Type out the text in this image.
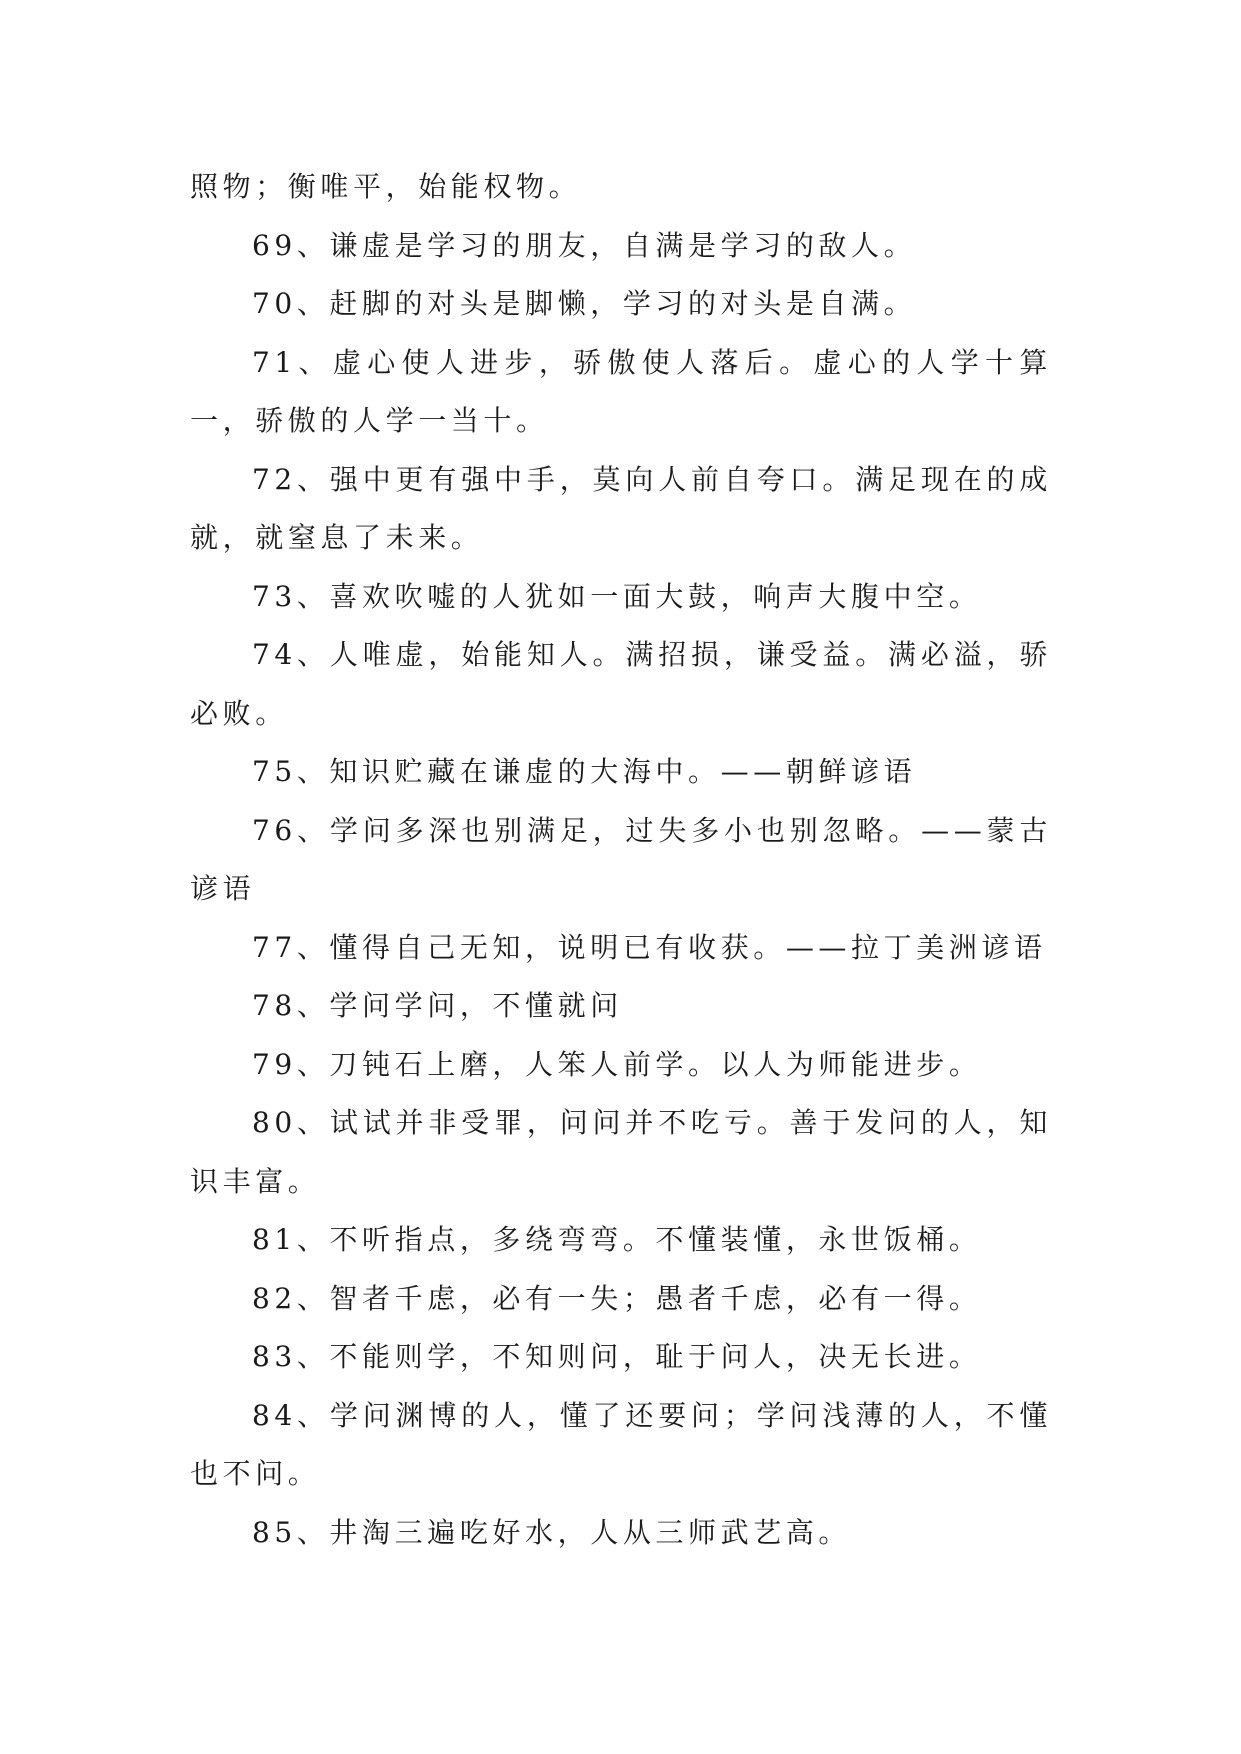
照物；衡唯平，始能权物。

69、谦虚是学习的朋友，自满是学习的敌人。

70、赶脚的对头是脚懒，学习的对头是自满。

71、虚心使人进步，骄傲使人落后。虚心的人学十算一，骄傲的人学一当十。

72、强中更有强中手，莫向人前自夸口。满足现在的成就，就窒息了未来。

73、喜欢吹嘘的人犹如一面大鼓，响声大腹中空。

74、人唯虚，始能知人。满招损，谦受益。满必溢，骄必败。

75、知识贮藏在谦虚的大海中。——朝鲜谚语

76、学问多深也别满足，过失多小也别忽略。——蒙古谚语

77、懂得自己无知，说明已有收获。——拉丁美洲谚语

78、学问学问，不懂就问

79、刀钝石上磨，人笨人前学。以人为师能进步。

80、试试并非受罪，问问并不吃亏。善于发问的人，知识丰富。

81、不听指点，多绕弯弯。不懂装懂，永世饭桶。

82、智者千虑，必有一失；愚者千虑，必有一得。

83、不能则学，不知则问，耻于问人，决无长进。

84、学问渊博的人，懂了还要问；学问浅薄的人，不懂也不问。

85、井淘三遍吃好水，人从三师武艺高。
